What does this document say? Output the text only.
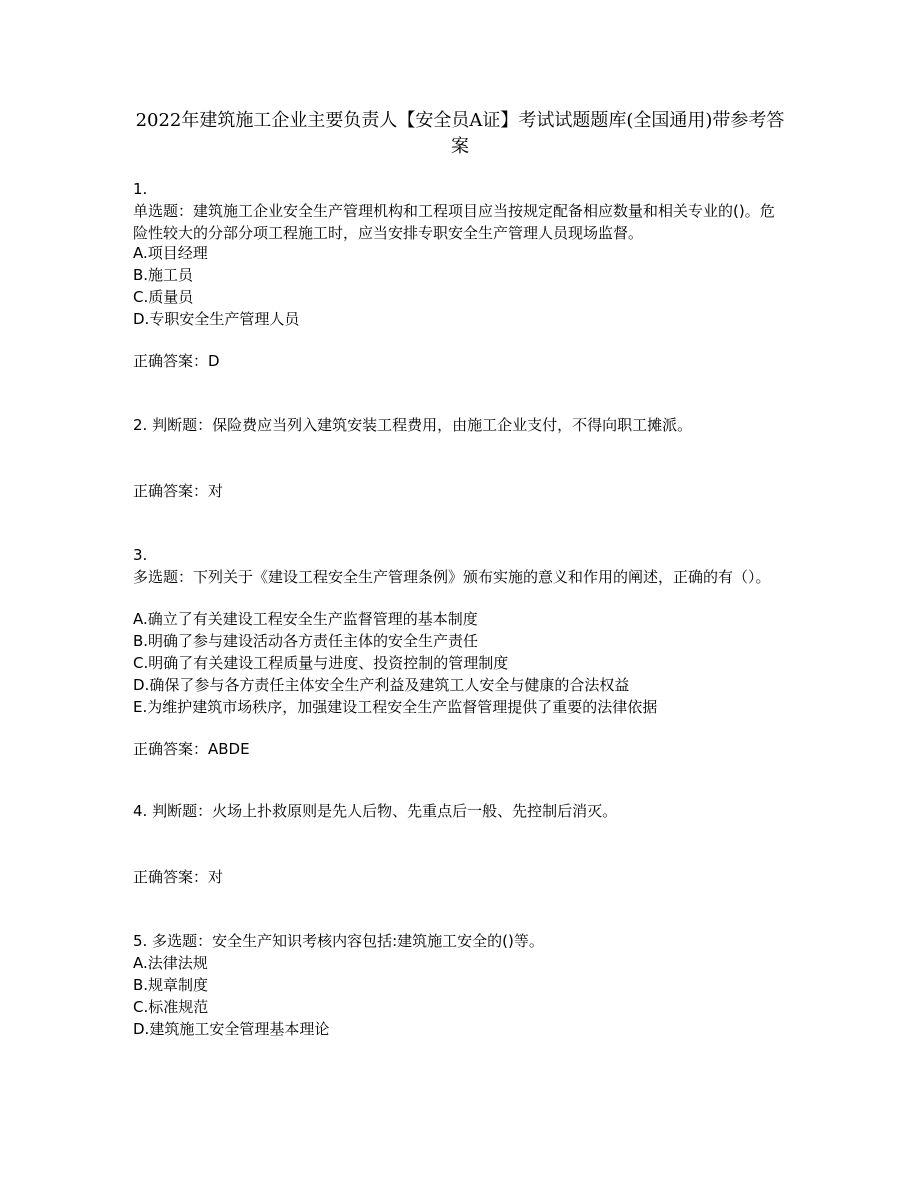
2022年建筑施工企业主要负责人【安全员A证】考试试题题库(全国通用)带参考答案
1.
单选题：建筑施工企业安全生产管理机构和工程项目应当按规定配备相应数量和相关专业的()。危险性较大的分部分项工程施工时，应当安排专职安全生产管理人员现场监督。
A.项目经理
B.施工员
C.质量员
D.专职安全生产管理人员
正确答案：D
2. 判断题：保险费应当列入建筑安装工程费用，由施工企业支付，不得向职工摊派。
正确答案：对
3.
多选题：下列关于《建设工程安全生产管理条例》颁布实施的意义和作用的阐述，正确的有（）。
A.确立了有关建设工程安全生产监督管理的基本制度
B.明确了参与建设活动各方责任主体的安全生产责任
C.明确了有关建设工程质量与进度、投资控制的管理制度
D.确保了参与各方责任主体安全生产利益及建筑工人安全与健康的合法权益
E.为维护建筑市场秩序，加强建设工程安全生产监督管理提供了重要的法律依据
正确答案：ABDE
4. 判断题：火场上扑救原则是先人后物、先重点后一般、先控制后消灭。
正确答案：对
5. 多选题：安全生产知识考核内容包括:建筑施工安全的()等。
A.法律法规
B.规章制度
C.标准规范
D.建筑施工安全管理基本理论
